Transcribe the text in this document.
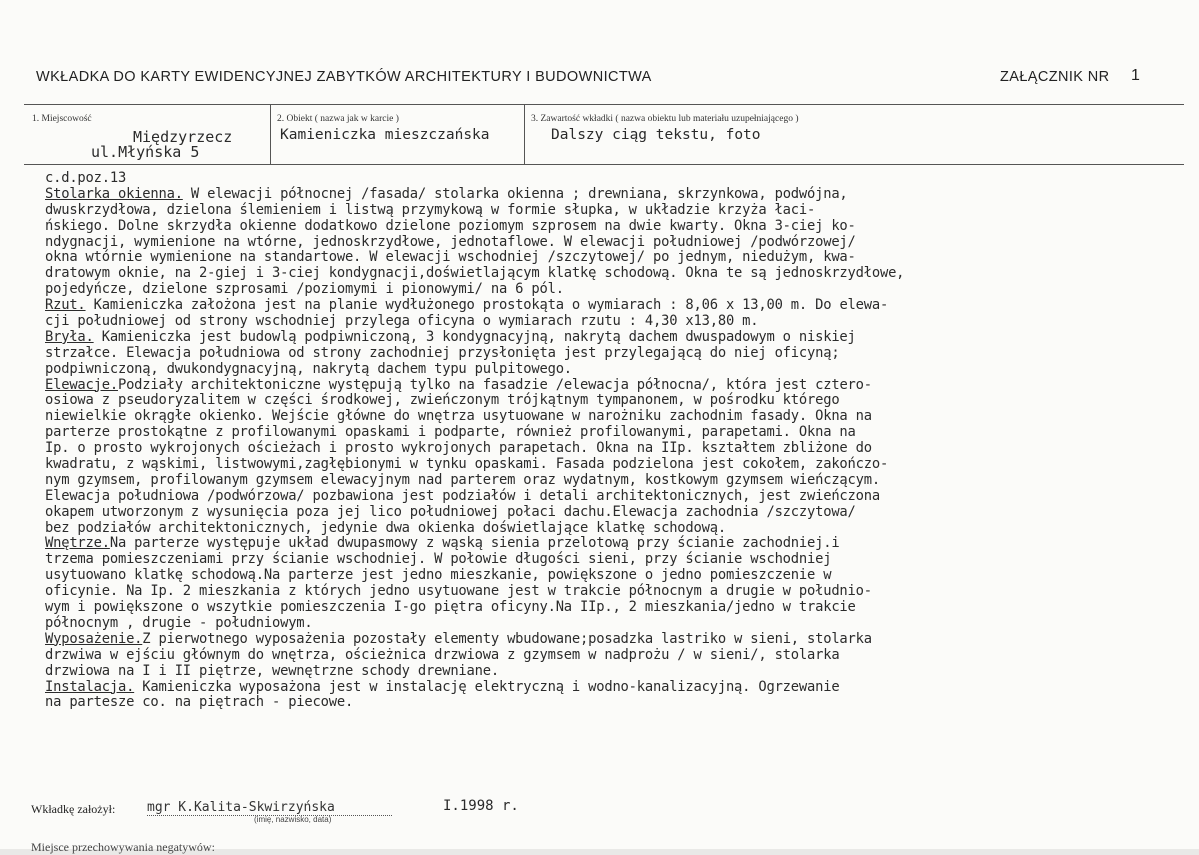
WKŁADKA DO KARTY EWIDENCYJNEJ ZABYTKÓW ARCHITEKTURY I BUDOWNICTWA	ZAŁĄCZNIK NR 1
1. Miejscowość	2. Obiekt ( nazwa jak w karcie )	3. Zawartość wkładki ( nazwa obiektu lub materiału uzupełniającego )
Międzyrzecz
ul.Młyńska 5
Kamieniczka mieszczańska	Dalszy ciąg tekstu, foto
c.d.poz.13
Stolarka okienna. W elewacji północnej /fasada/ stolarka okienna ; drewniana, skrzynkowa, podwójna,
dwuskrzydłowa, dzielona ślemieniem i listwą przymykową w formie słupka, w układzie krzyża łaci-
ńskiego. Dolne skrzydła okienne dodatkowo dzielone poziomym szprosem na dwie kwarty. Okna 3-ciej ko-
ndygnacji, wymienione na wtórne, jednoskrzydłowe, jednotaflowe. W elewacji południowej /podwórzowej/
okna wtórnie wymienione na standartowe. W elewacji wschodniej /szczytowej/ po jednym, niedużym, kwa-
dratowym oknie, na 2-giej i 3-ciej kondygnacji,doświetlającym klatkę schodową. Okna te są jednoskrzydłowe,
pojedyńcze, dzielone szprosami /poziomymi i pionowymi/ na 6 pól.
Rzut. Kamieniczka założona jest na planie wydłużonego prostokąta o wymiarach : 8,06 x 13,00 m. Do elewa-
cji południowej od strony wschodniej przylega oficyna o wymiarach rzutu : 4,30 x13,80 m.
Bryła. Kamieniczka jest budowlą podpiwniczoną, 3 kondygnacyjną, nakrytą dachem dwuspadowym o niskiej
strzałce. Elewacja południowa od strony zachodniej przysłonięta jest przylegającą do niej oficyną;
podpiwniczoną, dwukondygnacyjną, nakrytą dachem typu pulpitowego.
Elewacje.Podziały architektoniczne występują tylko na fasadzie /elewacja północna/, która jest cztero-
osiowa z pseudoryzalitem w części środkowej, zwieńczonym trójkątnym tympanonem, w pośrodku którego
niewielkie okrągłe okienko. Wejście główne do wnętrza usytuowane w narożniku zachodnim fasady. Okna na
parterze prostokątne z profilowanymi opaskami i podparte, również profilowanymi, parapetami. Okna na
Ip. o prosto wykrojonych ościeżach i prosto wykrojonych parapetach. Okna na IIp. kształtem zbliżone do
kwadratu, z wąskimi, listwowymi,zagłębionymi w tynku opaskami. Fasada podzielona jest cokołem, zakończo-
nym gzymsem, profilowanym gzymsem elewacyjnym nad parterem oraz wydatnym, kostkowym gzymsem wieńczącym.
Elewacja południowa /podwórzowa/ pozbawiona jest podziałów i detali architektonicznych, jest zwieńczona
okapem utworzonym z wysunięcia poza jej lico południowej połaci dachu.Elewacja zachodnia /szczytowa/
bez podziałów architektonicznych, jedynie dwa okienka doświetlające klatkę schodową.
Wnętrze.Na parterze występuje układ dwupasmowy z wąską sienia przelotową przy ścianie zachodniej.i
trzema pomieszczeniami przy ścianie wschodniej. W połowie długości sieni, przy ścianie wschodniej
usytuowano klatkę schodową.Na parterze jest jedno mieszkanie, powiększone o jedno pomieszczenie w
oficynie. Na Ip. 2 mieszkania z których jedno usytuowane jest w trakcie północnym a drugie w południo-
wym i powiększone o wszytkie pomieszczenia I-go piętra oficyny.Na IIp., 2 mieszkania/jedno w trakcie
północnym , drugie - południowym.
Wyposażenie.Z pierwotnego wyposażenia pozostały elementy wbudowane;posadzka lastriko w sieni, stolarka
drzwiwa w ejściu głównym do wnętrza, ościeżnica drzwiowa z gzymsem w nadprożu / w sieni/, stolarka
drzwiowa na I i II piętrze, wewnętrzne schody drewniane.
Instalacja. Kamieniczka wyposażona jest w instalację elektryczną i wodno-kanalizacyjną. Ogrzewanie
na partesze co. na piętrach - piecowe.
Wkładkę założył: mgr K.Kalita-Skwirzyńska	I.1998 r.
(imię, nazwisko, data)
Miejsce przechowywania negatywów:
